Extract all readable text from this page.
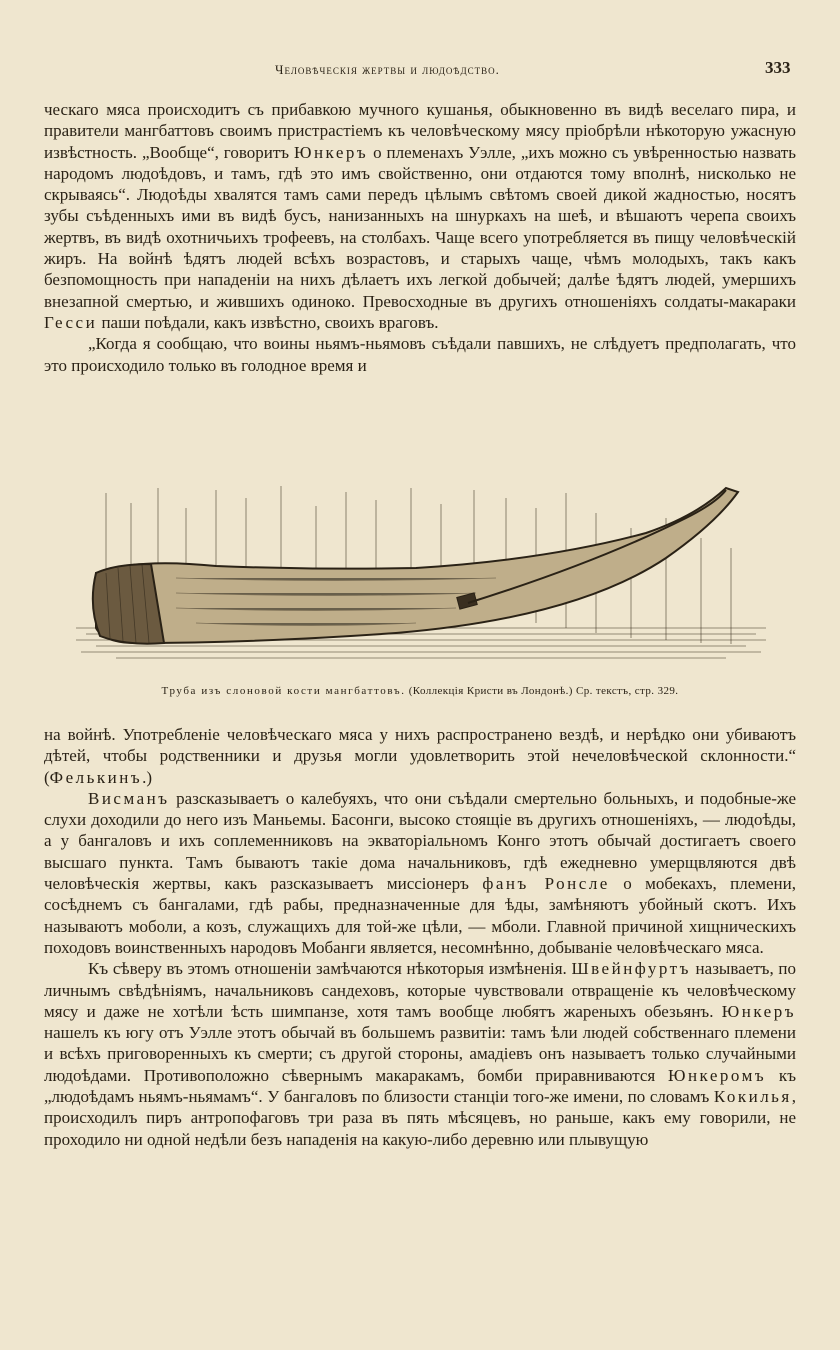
Человѣческія жертвы и людоѣдство.	333

ческаго мяса происходитъ съ прибавкою мучного кушанья, обыкновенно въ видѣ веселаго пира, и правители мангбаттовъ своимъ пристрастіемъ къ человѣческому мясу пріобрѣли нѣкоторую ужасную извѣстность. „Вообще“, говоритъ Юнкеръ о племенахъ Уэлле, „ихъ можно съ увѣренностью назвать народомъ людоѣдовъ, и тамъ, гдѣ это имъ свойственно, они отдаются тому вполнѣ, нисколько не скрываясь“. Людоѣды хвалятся тамъ сами передъ цѣлымъ свѣтомъ своей дикой жадностью, носятъ зубы съѣденныхъ ими въ видѣ бусъ, нанизанныхъ на шнуркахъ на шеѣ, и вѣшаютъ черепа своихъ жертвъ, въ видѣ охотничьихъ трофеевъ, на столбахъ. Чаще всего употребляется въ пищу человѣческій жиръ. На войнѣ ѣдятъ людей всѣхъ возрастовъ, и старыхъ чаще, чѣмъ молодыхъ, такъ какъ безпомощность при нападеніи на нихъ дѣлаетъ ихъ легкой добычей; далѣе ѣдятъ людей, умершихъ внезапной смертью, и жившихъ одиноко. Превосходные въ другихъ отношеніяхъ солдаты-макараки Гесси паши поѣдали, какъ извѣстно, своихъ враговъ.

„Когда я сообщаю, что воины ньямъ-ньямовъ съѣдали павшихъ, не слѣдуетъ предполагать, что это происходило только въ голодное время и

Труба изъ слоновой кости мангбаттовъ. (Коллекція Кристи въ Лондонѣ.) Ср. текстъ, стр. 329.

на войнѣ. Употребленіе человѣческаго мяса у нихъ распространено вездѣ, и нерѣдко они убиваютъ дѣтей, чтобы родственники и друзья могли удовлетворить этой нечеловѣческой склонности.“ (Фелькинъ.)

Висманъ разсказываетъ о калебуяхъ, что они съѣдали смертельно больныхъ, и подобные-же слухи доходили до него изъ Маньемы. Басонги, высоко стоящіе въ другихъ отношеніяхъ, — людоѣды, а у бангаловъ и ихъ соплеменниковъ на экваторіальномъ Конго этотъ обычай достигаетъ своего высшаго пункта. Тамъ бываютъ такіе дома начальниковъ, гдѣ ежедневно умерщвляются двѣ человѣческія жертвы, какъ разсказываетъ миссіонеръ фанъ Ронсле о мобекахъ, племени, сосѣднемъ съ бангалами, гдѣ рабы, предназначенные для ѣды, замѣняютъ убойный скотъ. Ихъ называютъ моболи, а козъ, служащихъ для той-же цѣли, — мболи. Главной причиной хищническихъ походовъ воинственныхъ народовъ Мобанги является, несомнѣнно, добываніе человѣческаго мяса.

Къ сѣверу въ этомъ отношеніи замѣчаются нѣкоторыя измѣненія. Швейнфуртъ называетъ, по личнымъ свѣдѣніямъ, начальниковъ сандеховъ, которые чувствовали отвращеніе къ человѣческому мясу и даже не хотѣли ѣсть шимпанзе, хотя тамъ вообще любятъ жареныхъ обезьянъ. Юнкеръ нашелъ къ югу отъ Уэлле этотъ обычай въ большемъ развитіи: тамъ ѣли людей собственнаго племени и всѣхъ приговоренныхъ къ смерти; съ другой стороны, амадіевъ онъ называетъ только случайными людоѣдами. Противоположно сѣвернымъ макаракамъ, бомби приравниваются Юнкеромъ къ „людоѣдамъ ньямъ-ньямамъ“. У бангаловъ по близости станціи того-же имени, по словамъ Кокилья, происходилъ пиръ антропофаговъ три раза въ пять мѣсяцевъ, но раньше, какъ ему говорили, не проходило ни одной недѣли безъ нападенія на какую-либо деревню или плывущую
